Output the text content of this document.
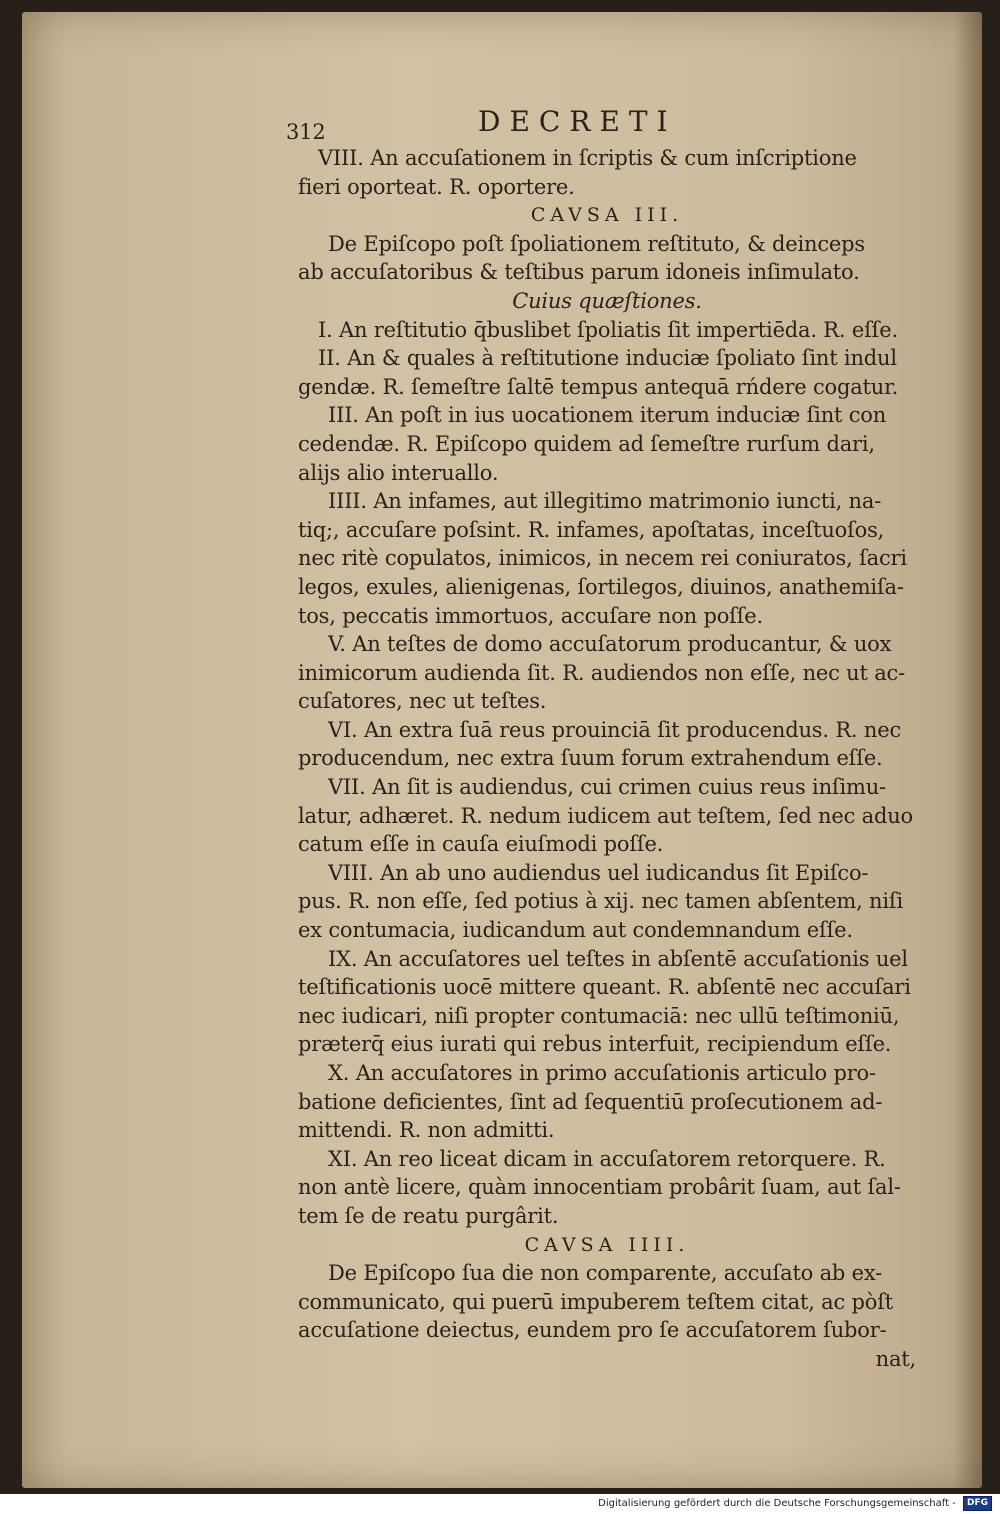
312	DECRETI
VIII. An accuſationem in ſcriptis & cum inſcriptione
fieri oporteat. R. oportere.
CAVSA III.
De Epiſcopo poſt ſpoliationem reſtituto, & deinceps
ab accuſatoribus & teſtibus parum idoneis inſimulato.
Cuius quæſtiones.
I. An reſtitutio q̄buslibet ſpoliatis ſit impertiēda. R. eſſe.
II. An & quales à reſtitutione induciæ ſpoliato ſint indul
gendæ. R. ſemeſtre ſaltē tempus antequā rńdere cogatur.
III. An poſt in ius uocationem iterum induciæ ſint con
cedendæ. R. Epiſcopo quidem ad ſemeſtre rurſum dari,
alijs alio interuallo.
IIII. An infames, aut illegitimo matrimonio iuncti, na-
tiq;, accuſare poſsint. R. infames, apoſtatas, inceſtuoſos,
nec ritè copulatos, inimicos, in necem rei coniuratos, ſacri
legos, exules, alienigenas, ſortilegos, diuinos, anathemiſa-
tos, peccatis immortuos, accuſare non poſſe.
V. An teſtes de domo accuſatorum producantur, & uox
inimicorum audienda ſit. R. audiendos non eſſe, nec ut ac-
cuſatores, nec ut teſtes.
VI. An extra ſuā reus prouinciā ſit producendus. R. nec
producendum, nec extra ſuum forum extrahendum eſſe.
VII. An ſit is audiendus, cui crimen cuius reus inſimu-
latur, adhæret. R. nedum iudicem aut teſtem, ſed nec aduo
catum eſſe in cauſa eiuſmodi poſſe.
VIII. An ab uno audiendus uel iudicandus ſit Epiſco-
pus. R. non eſſe, ſed potius à xij. nec tamen abſentem, niſi
ex contumacia, iudicandum aut condemnandum eſſe.
IX. An accuſatores uel teſtes in abſentē accuſationis uel
teſtificationis uocē mittere queant. R. abſentē nec accuſari
nec iudicari, niſi propter contumaciā: nec ullū teſtimoniū,
præterq̄ eius iurati qui rebus interfuit, recipiendum eſſe.
X. An accuſatores in primo accuſationis articulo pro-
batione deficientes, ſint ad ſequentiū proſecutionem ad-
mittendi. R. non admitti.
XI. An reo liceat dicam in accuſatorem retorquere. R.
non antè licere, quàm innocentiam probârit ſuam, aut ſal-
tem ſe de reatu purgârit.
CAVSA IIII.
De Epiſcopo ſua die non comparente, accuſato ab ex-
communicato, qui puerū impuberem teſtem citat, ac pòſt
accuſatione deiectus, eundem pro ſe accuſatorem ſubor-
nat,
Digitalisierung gefördert durch die Deutsche Forschungsgemeinschaft - DFG
